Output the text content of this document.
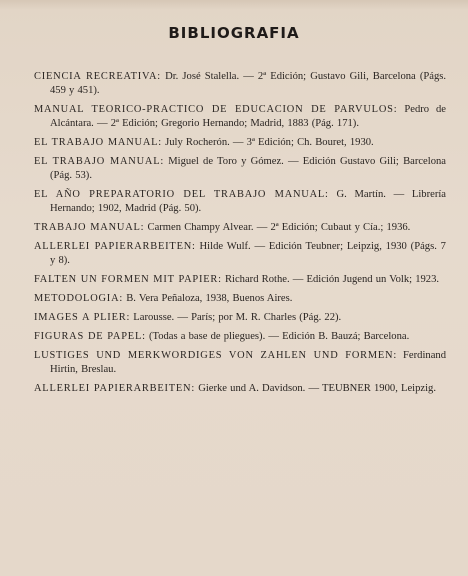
BIBLIOGRAFIA
CIENCIA RECREATIVA: Dr. José Stalella. — 2ª Edición; Gustavo Gili, Barcelona (Págs. 459 y 451).
MANUAL TEORICO-PRACTICO DE EDUCACION DE PARVULOS: Pedro de Alcántara. — 2ª Edición; Gregorio Hernando; Madrid, 1883 (Pág. 171).
EL TRABAJO MANUAL: July Rocherón. — 3ª Edición; Ch. Bouret, 1930.
EL TRABAJO MANUAL: Miguel de Toro y Gómez. — Edición Gustavo Gili; Barcelona (Pág. 53).
EL AÑO PREPARATORIO DEL TRABAJO MANUAL: G. Martín. — Librería Hernando; 1902, Madrid (Pág. 50).
TRABAJO MANUAL: Carmen Champy Alvear. — 2ª Edición; Cubaut y Cía.; 1936.
ALLERLEI PAPIERARBEITEN: Hilde Wulf. — Edición Teubner; Leipzig, 1930 (Págs. 7 y 8).
FALTEN UN FORMEN MIT PAPIER: Richard Rothe. — Edición Jugend un Volk; 1923.
METODOLOGIA: B. Vera Peñaloza, 1938, Buenos Aires.
IMAGES A PLIER: Larousse. — París; por M. R. Charles (Pág. 22).
FIGURAS DE PAPEL: (Todas a base de pliegues). — Edición B. Bauzá; Barcelona.
LUSTIGES UND MERKWORDIGES VON ZAHLEN UND FORMEN: Ferdinand Hirtin, Breslau.
ALLERLEI PAPIERARBEITEN: Gierke und A. Davidson. — TEUBNER 1900, Leipzig.
